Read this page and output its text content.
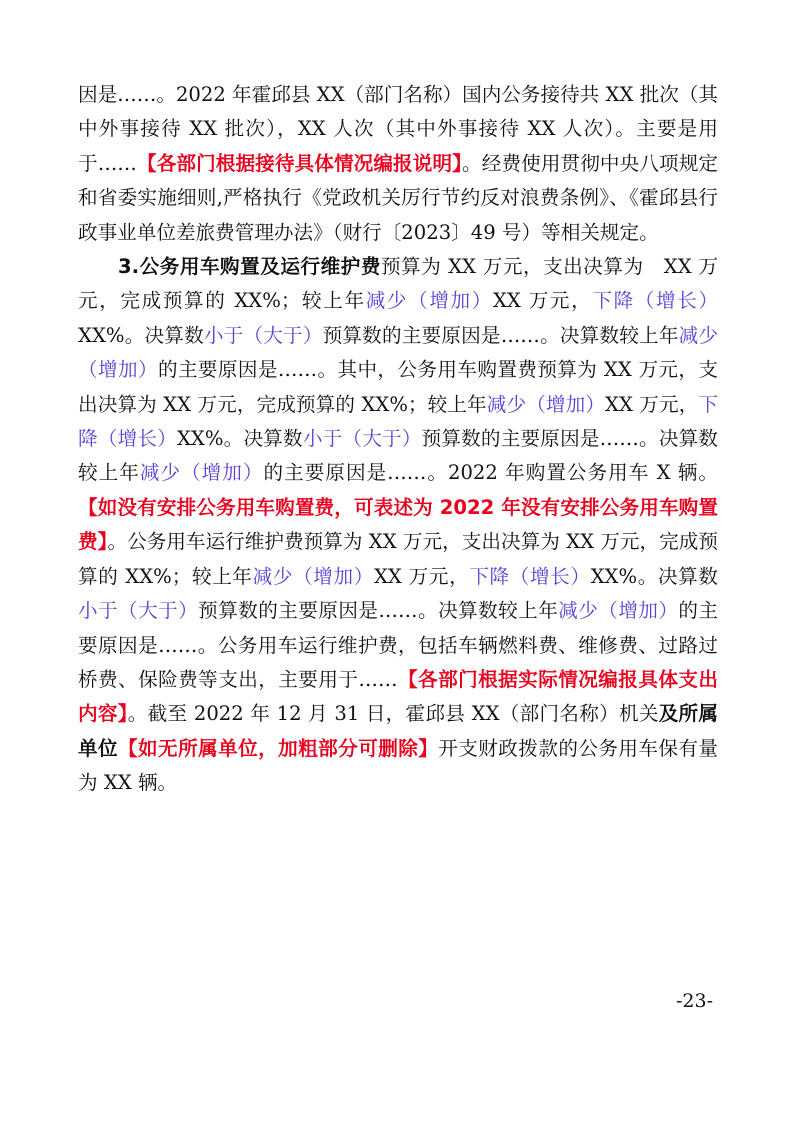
因是……。2022 年霍邱县 XX（部门名称）国内公务接待共 XX 批次（其中外事接待 XX 批次），XX 人次（其中外事接待 XX 人次）。主要是用于……【各部门根据接待具体情况编报说明】。经费使用贯彻中央八项规定和省委实施细则,严格执行《党政机关厉行节约反对浪费条例》、《霍邱县行政事业单位差旅费管理办法》（财行〔2023〕49 号）等相关规定。

3.公务用车购置及运行维护费预算为 XX 万元，支出决算为　XX 万元，完成预算的 XX%；较上年减少（增加）XX 万元，下降（增长）XX%。决算数小于（大于）预算数的主要原因是……。决算数较上年减少（增加）的主要原因是……。其中，公务用车购置费预算为 XX 万元，支出决算为 XX 万元，完成预算的 XX%；较上年减少（增加）XX 万元，下降（增长）XX%。决算数小于（大于）预算数的主要原因是……。决算数较上年减少（增加）的主要原因是……。2022 年购置公务用车 X 辆。【如没有安排公务用车购置费，可表述为 2022 年没有安排公务用车购置费】。公务用车运行维护费预算为 XX 万元，支出决算为 XX 万元，完成预算的 XX%；较上年减少（增加）XX 万元，下降（增长）XX%。决算数小于（大于）预算数的主要原因是……。决算数较上年减少（增加）的主要原因是……。公务用车运行维护费，包括车辆燃料费、维修费、过路过桥费、保险费等支出，主要用于……【各部门根据实际情况编报具体支出内容】。截至 2022 年 12 月 31 日，霍邱县 XX（部门名称）机关及所属单位【如无所属单位，加粗部分可删除】开支财政拨款的公务用车保有量为 XX 辆。

-23-
